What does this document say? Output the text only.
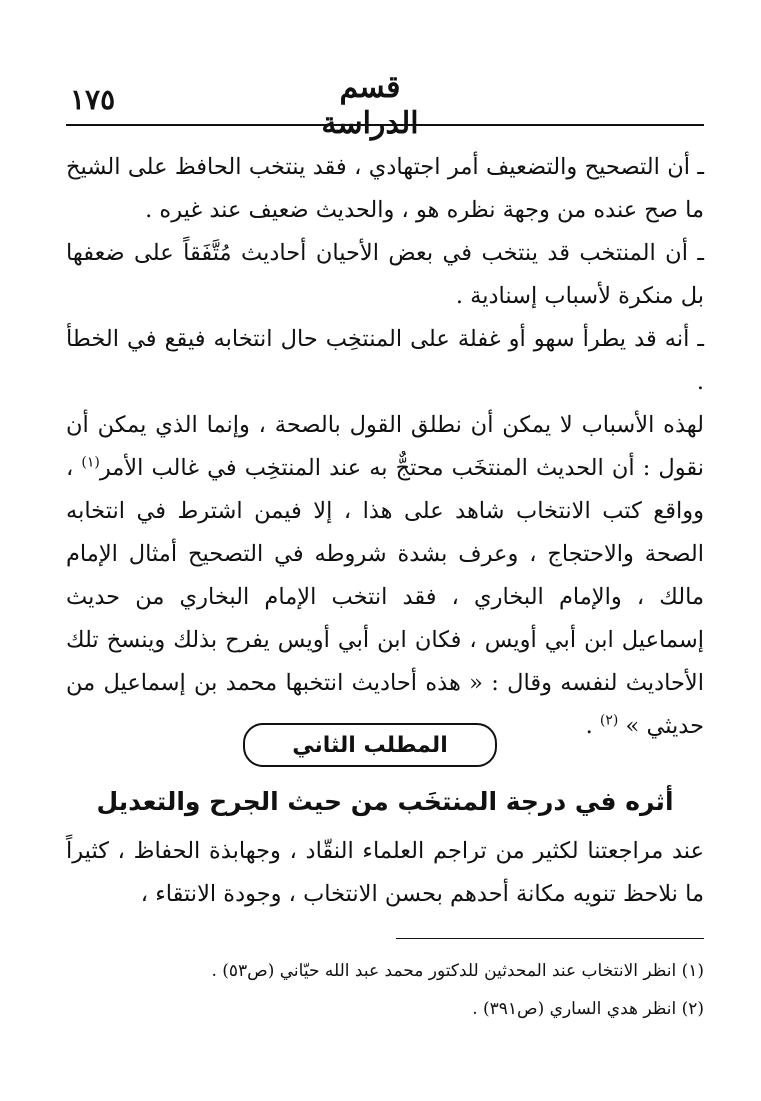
١٧٥	قسم الدراسة

ـ أن التصحيح والتضعيف أمر اجتهادي ، فقد ينتخب الحافظ على الشيخ ما صح عنده من وجهة نظره هو ، والحديث ضعيف عند غيره .

ـ أن المنتخب قد ينتخب في بعض الأحيان أحاديث مُتَّفَقاً على ضعفها بل منكرة لأسباب إسنادية .

ـ أنه قد يطرأ سهو أو غفلة على المنتخِب حال انتخابه فيقع في الخطأ .

لهذه الأسباب لا يمكن أن نطلق القول بالصحة ، وإنما الذي يمكن أن نقول : أن الحديث المنتخَب محتجٌّ به عند المنتخِب في غالب الأمر$^{(١)}$ ، وواقع كتب الانتخاب شاهد على هذا ، إلا فيمن اشترط في انتخابه الصحة والاحتجاج ، وعرف بشدة شروطه في التصحيح أمثال الإمام مالك ، والإمام البخاري ، فقد انتخب الإمام البخاري من حديث إسماعيل ابن أبي أويس ، فكان ابن أبي أويس يفرح بذلك وينسخ تلك الأحاديث لنفسه وقال : « هذه أحاديث انتخبها محمد بن إسماعيل من حديثي » $^{(٢)}$ .

المطلب الثاني
أثره في درجة المنتخَب من حيث الجرح والتعديل

عند مراجعتنا لكثير من تراجم العلماء النقّاد ، وجهابذة الحفاظ ، كثيراً ما نلاحظ تنويه مكانة أحدهم بحسن الانتخاب ، وجودة الانتقاء ،

(١) انظر الانتخاب عند المحدثين للدكتور محمد عبد الله حيّاني (ص٥٣) .

(٢) انظر هدي الساري (ص٣٩١) .
